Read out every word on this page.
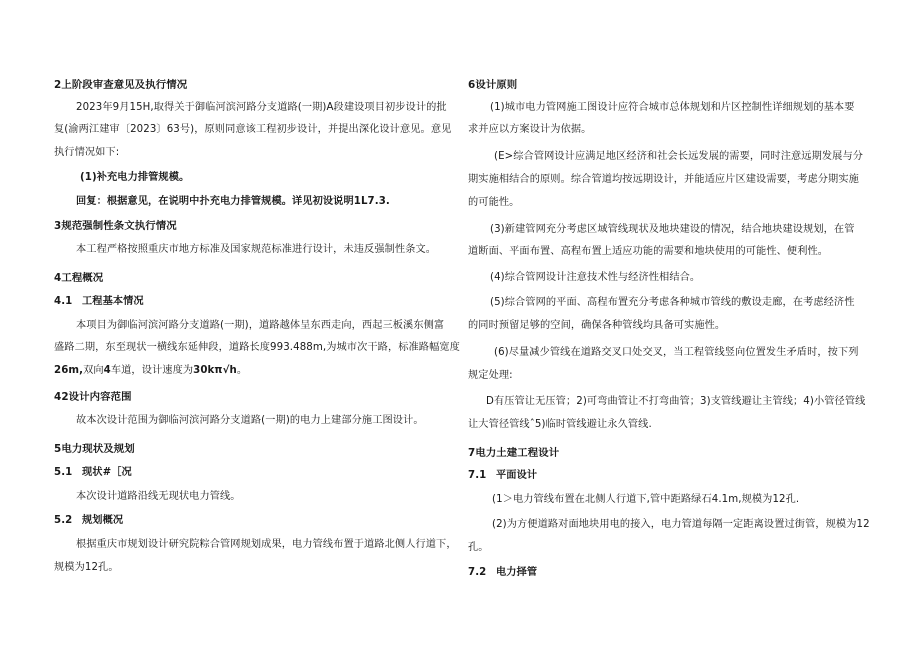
2上阶段审查意见及执行情况
2023年9月15H,取得关于御临河滨河路分支道路(一期)A段建设项目初步设计的批
复(渝两江建审〔2023〕63号)，原则同意该工程初步设计，并提出深化设计意见。意见
执行情况如下:
(1)补充电力排管规模。
回复：根据意见，在说明中扑充电力排管规模。详见初设说明1L7.3.
3规范强制性条文执行情况
本工程严格按照重庆市地方标准及国家规范标准进行设计，未违反强制性条文。
4工程概况
4.1 工程基本情况
本项目为御临河滨河路分支道路(一期)，道路越体呈东西走向，西起三板溪东侧富
盛路二期，东至现状一横线东延伸段，道路长度993.488m,为城市次干路，标准路幅宽度
26m,双向4车道，设计速度为30kπ√h。
42设计内容范围
故本次设计范围为御临河滨河路分支道路(一期)的电力上建部分施工图设计。
5电力现状及规划
5.1 现状#［况
本次设计道路沿线无现状电力管线。
5.2 规划概况
根据重庆市规划设计研究院粽合管网规划成果，电力管线布置于道路北侧人行道下，
规模为12孔。
6设计原则
(1)城市电力管网施工图设计应符合城市总体规划和片区控制性详细规划的基本要
求并应以方案设计为依据。
(E>综合管网设计应满足地区经济和社会长远发展的需要，同时注意远期发展与分
期实施相结合的原则。综合管道均按远期设计，并能适应片区建设需要，考虑分期实施
的可能性。
(3)新建管网充分考虑区域管线现状及地块建设的情况，结合地块建设规划，在管
道断面、平面布置、高程布置上适应功能的需要和地块使用的可能性、便利性。
(4)综合管网设计注意技术性与经济性相结合。
(5)综合管网的平面、高程布置充分考虑各种城市管线的敷设走廊，在考虑经济性
的同时预留足够的空间，确保各种管线均具备可实施性。
(6)尽量减少管线在道路交叉口处交叉，当工程管线竖向位置发生矛盾时，按下列
规定处理:
D有压管让无压管；2)可弯曲管让不打弯曲管；3)支管线避让主管线；4)小管径管线
让大管径管线ˆ5)临时管线避让永久管线.
7电力土建工程设计
7.1 平面设计
(1＞电力管线布置在北侧人行道下,管中距路绿石4.1m,规模为12孔.
(2)为方便道路对面地块用电的接入，电力管道每隔一定距离设置过街管，规模为12
孔。
7.2 电力择管
